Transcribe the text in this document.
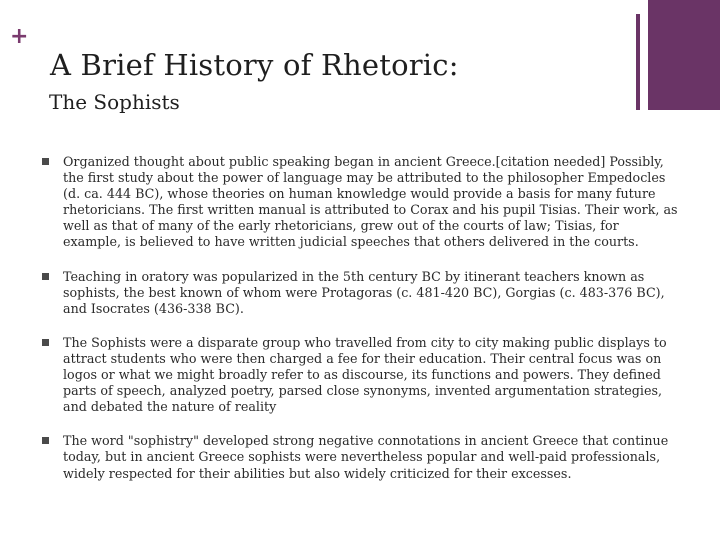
+
A Brief History of Rhetoric:
The Sophists
Organized thought about public speaking began in ancient Greece.[citation needed] Possibly, the first study about the power of language may be attributed to the philosopher Empedocles (d. ca. 444 BC), whose theories on human knowledge would provide a basis for many future rhetoricians. The first written manual is attributed to Corax and his pupil Tisias. Their work, as well as that of many of the early rhetoricians, grew out of the courts of law; Tisias, for example, is believed to have written judicial speeches that others delivered in the courts.
Teaching in oratory was popularized in the 5th century BC by itinerant teachers known as sophists, the best known of whom were Protagoras (c. 481-420 BC), Gorgias (c. 483-376 BC), and Isocrates (436-338 BC).
The Sophists were a disparate group who travelled from city to city making public displays to attract students who were then charged a fee for their education. Their central focus was on logos or what we might broadly refer to as discourse, its functions and powers. They defined parts of speech, analyzed poetry, parsed close synonyms, invented argumentation strategies, and debated the nature of reality
The word "sophistry" developed strong negative connotations in ancient Greece that continue today, but in ancient Greece sophists were nevertheless popular and well-paid professionals, widely respected for their abilities but also widely criticized for their excesses.
